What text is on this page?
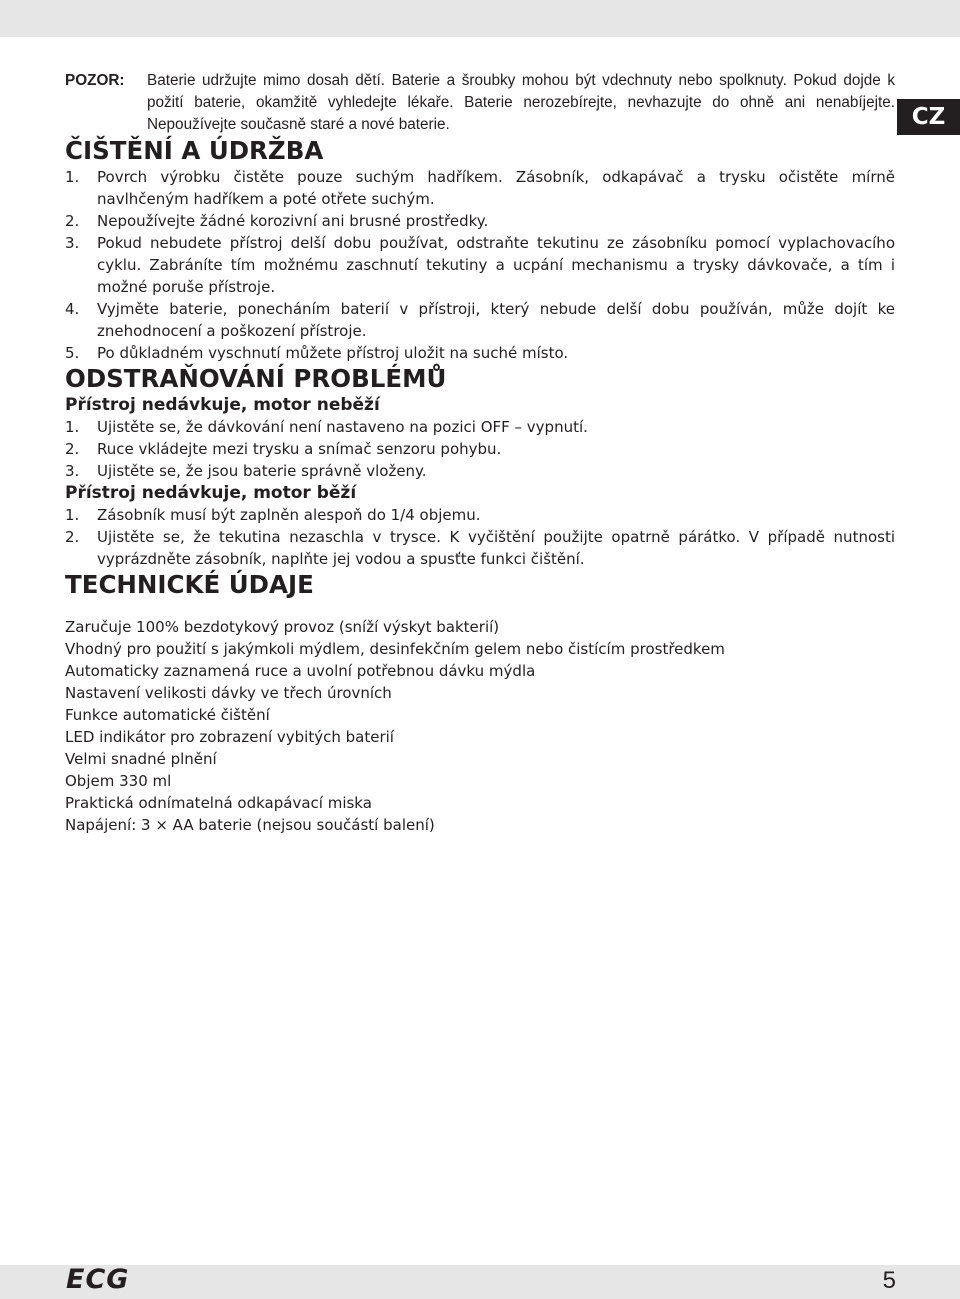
CZ
POZOR:	Baterie udržujte mimo dosah dětí. Baterie a šroubky mohou být vdechnuty nebo spolknuty. Pokud dojde k požití baterie, okamžitě vyhledejte lékaře. Baterie nerozebírejte, nevhazujte do ohně ani nenabíjejte. Nepoužívejte současně staré a nové baterie.
ČIŠTĚNÍ A ÚDRŽBA
1.	Povrch výrobku čistěte pouze suchým hadříkem. Zásobník, odkapávač a trysku očistěte mírně navlhčeným hadříkem a poté otřete suchým.
2.	Nepoužívejte žádné korozivní ani brusné prostředky.
3.	Pokud nebudete přístroj delší dobu používat, odstraňte tekutinu ze zásobníku pomocí vyplachovacího cyklu. Zabráníte tím možnému zaschnutí tekutiny a ucpání mechanismu a trysky dávkovače, a tím i možné poruše přístroje.
4.	Vyjměte baterie, ponecháním baterií v přístroji, který nebude delší dobu používán, může dojít ke znehodnocení a poškození přístroje.
5.	Po důkladném vyschnutí můžete přístroj uložit na suché místo.
ODSTRAŇOVÁNÍ PROBLÉMŮ
Přístroj nedávkuje, motor neběží
1.	Ujistěte se, že dávkování není nastaveno na pozici OFF – vypnutí.
2.	Ruce vkládejte mezi trysku a snímač senzoru pohybu.
3.	Ujistěte se, že jsou baterie správně vloženy.
Přístroj nedávkuje, motor běží
1.	Zásobník musí být zaplněn alespoň do 1/4 objemu.
2.	Ujistěte se, že tekutina nezaschla v trysce. K vyčištění použijte opatrně párátko. V případě nutnosti vyprázdněte zásobník, naplňte jej vodou a spusťte funkci čištění.
TECHNICKÉ ÚDAJE
Zaručuje 100% bezdotykový provoz (sníží výskyt bakterií)
Vhodný pro použití s jakýmkoli mýdlem, desinfekčním gelem nebo čistícím prostředkem
Automaticky zaznamená ruce a uvolní potřebnou dávku mýdla
Nastavení velikosti dávky ve třech úrovních
Funkce automatické čištění
LED indikátor pro zobrazení vybitých baterií
Velmi snadné plnění
Objem 330 ml
Praktická odnímatelná odkapávací miska
Napájení: 3 × AA baterie (nejsou součástí balení)
ECG	5
